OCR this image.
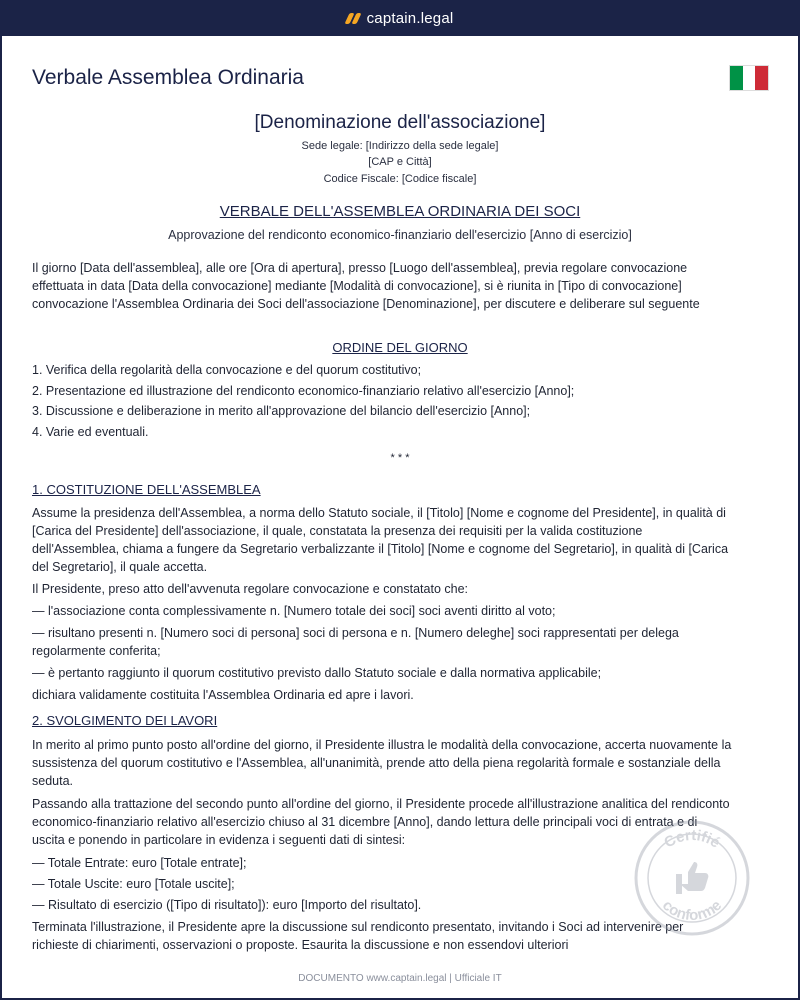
captain.legal
Verbale Assemblea Ordinaria
[Denominazione dell'associazione]
Sede legale: [Indirizzo della sede legale]
[CAP e Città]
Codice Fiscale: [Codice fiscale]
VERBALE DELL'ASSEMBLEA ORDINARIA DEI SOCI
Approvazione del rendiconto economico-finanziario dell'esercizio [Anno di esercizio]

Il giorno [Data dell'assemblea], alle ore [Ora di apertura], presso [Luogo dell'assemblea], previa regolare convocazione effettuata in data [Data della convocazione] mediante [Modalità di convocazione], si è riunita in [Tipo di convocazione] convocazione l'Assemblea Ordinaria dei Soci dell'associazione [Denominazione], per discutere e deliberare sul seguente

ORDINE DEL GIORNO
1. Verifica della regolarità della convocazione e del quorum costitutivo;
2. Presentazione ed illustrazione del rendiconto economico-finanziario relativo all'esercizio [Anno];
3. Discussione e deliberazione in merito all'approvazione del bilancio dell'esercizio [Anno];
4. Varie ed eventuali.
* * *
1. COSTITUZIONE DELL'ASSEMBLEA

Assume la presidenza dell'Assemblea, a norma dello Statuto sociale, il [Titolo] [Nome e cognome del Presidente], in qualità di [Carica del Presidente] dell'associazione, il quale, constatata la presenza dei requisiti per la valida costituzione dell'Assemblea, chiama a fungere da Segretario verbalizzante il [Titolo] [Nome e cognome del Segretario], in qualità di [Carica del Segretario], il quale accetta.

Il Presidente, preso atto dell'avvenuta regolare convocazione e constatato che:

— l'associazione conta complessivamente n. [Numero totale dei soci] soci aventi diritto al voto;

— risultano presenti n. [Numero soci di persona] soci di persona e n. [Numero deleghe] soci rappresentati per delega regolarmente conferita;

— è pertanto raggiunto il quorum costitutivo previsto dallo Statuto sociale e dalla normativa applicabile;

dichiara validamente costituita l'Assemblea Ordinaria ed apre i lavori.

2. SVOLGIMENTO DEI LAVORI

In merito al primo punto posto all'ordine del giorno, il Presidente illustra le modalità della convocazione, accerta nuovamente la sussistenza del quorum costitutivo e l'Assemblea, all'unanimità, prende atto della piena regolarità formale e sostanziale della seduta.

Passando alla trattazione del secondo punto all'ordine del giorno, il Presidente procede all'illustrazione analitica del rendiconto economico-finanziario relativo all'esercizio chiuso al 31 dicembre [Anno], dando lettura delle principali voci di entrata e di uscita e ponendo in particolare in evidenza i seguenti dati di sintesi:

— Totale Entrate: euro [Totale entrate];

— Totale Uscite: euro [Totale uscite];

— Risultato di esercizio ([Tipo di risultato]): euro [Importo del risultato].

Terminata l'illustrazione, il Presidente apre la discussione sul rendiconto presentato, invitando i Soci ad intervenire per richieste di chiarimenti, osservazioni o proposte. Esaurita la discussione e non essendovi ulteriori

Certifié
conforme
DOCUMENTO www.captain.legal | Ufficiale IT
